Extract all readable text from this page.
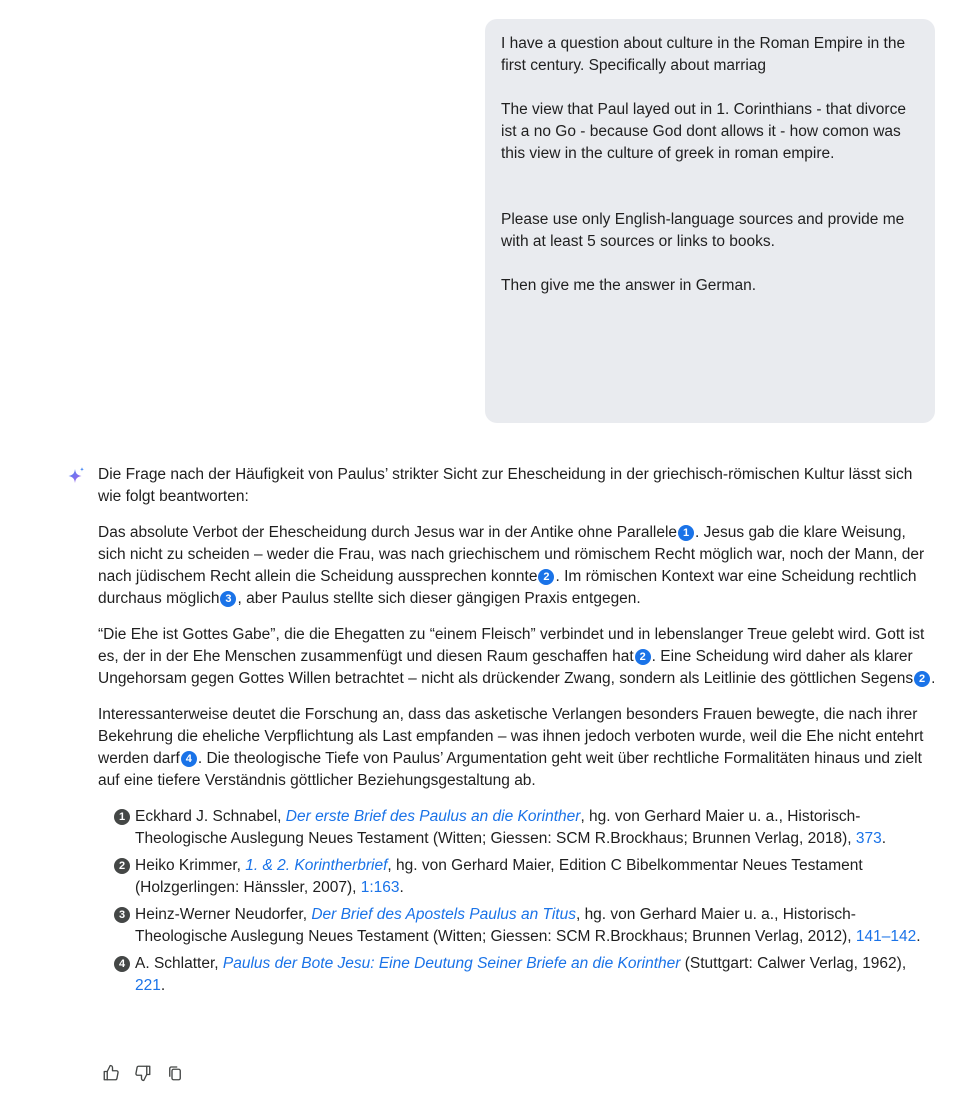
I have a question about culture in the Roman Empire in the first century. Specifically about marriag

The view that Paul layed out in 1. Corinthians - that divorce ist a no Go - because God dont allows it - how comon was this view in the culture of greek in roman empire.

Please use only English-language sources and provide me with at least 5 sources or links to books.

Then give me the answer in German.

Die Frage nach der Häufigkeit von Paulus’ strikter Sicht zur Ehescheidung in der griechisch-römischen Kultur lässt sich wie folgt beantworten:

Das absolute Verbot der Ehescheidung durch Jesus war in der Antike ohne Parallele 1 . Jesus gab die klare Weisung, sich nicht zu scheiden – weder die Frau, was nach griechischem und römischem Recht möglich war, noch der Mann, der nach jüdischem Recht allein die Scheidung aussprechen konnte 2 . Im römischen Kontext war eine Scheidung rechtlich durchaus möglich 3 , aber Paulus stellte sich dieser gängigen Praxis entgegen.

“Die Ehe ist Gottes Gabe”, die die Ehegatten zu “einem Fleisch” verbindet und in lebenslanger Treue gelebt wird. Gott ist es, der in der Ehe Menschen zusammenfügt und diesen Raum geschaffen hat 2 . Eine Scheidung wird daher als klarer Ungehorsam gegen Gottes Willen betrachtet – nicht als drückender Zwang, sondern als Leitlinie des göttlichen Segens 2 .

Interessanterweise deutet die Forschung an, dass das asketische Verlangen besonders Frauen bewegte, die nach ihrer Bekehrung die eheliche Verpflichtung als Last empfanden – was ihnen jedoch verboten wurde, weil die Ehe nicht entehrt werden darf 4 . Die theologische Tiefe von Paulus’ Argumentation geht weit über rechtliche Formalitäten hinaus und zielt auf eine tiefere Verständnis göttlicher Beziehungsgestaltung ab.

1 Eckhard J. Schnabel, Der erste Brief des Paulus an die Korinther, hg. von Gerhard Maier u. a., Historisch-Theologische Auslegung Neues Testament (Witten; Giessen: SCM R.Brockhaus; Brunnen Verlag, 2018), 373.
2 Heiko Krimmer, 1. & 2. Korintherbrief, hg. von Gerhard Maier, Edition C Bibelkommentar Neues Testament (Holzgerlingen: Hänssler, 2007), 1:163.
3 Heinz-Werner Neudorfer, Der Brief des Apostels Paulus an Titus, hg. von Gerhard Maier u. a., Historisch-Theologische Auslegung Neues Testament (Witten; Giessen: SCM R.Brockhaus; Brunnen Verlag, 2012), 141–142.
4 A. Schlatter, Paulus der Bote Jesu: Eine Deutung Seiner Briefe an die Korinther (Stuttgart: Calwer Verlag, 1962), 221.
